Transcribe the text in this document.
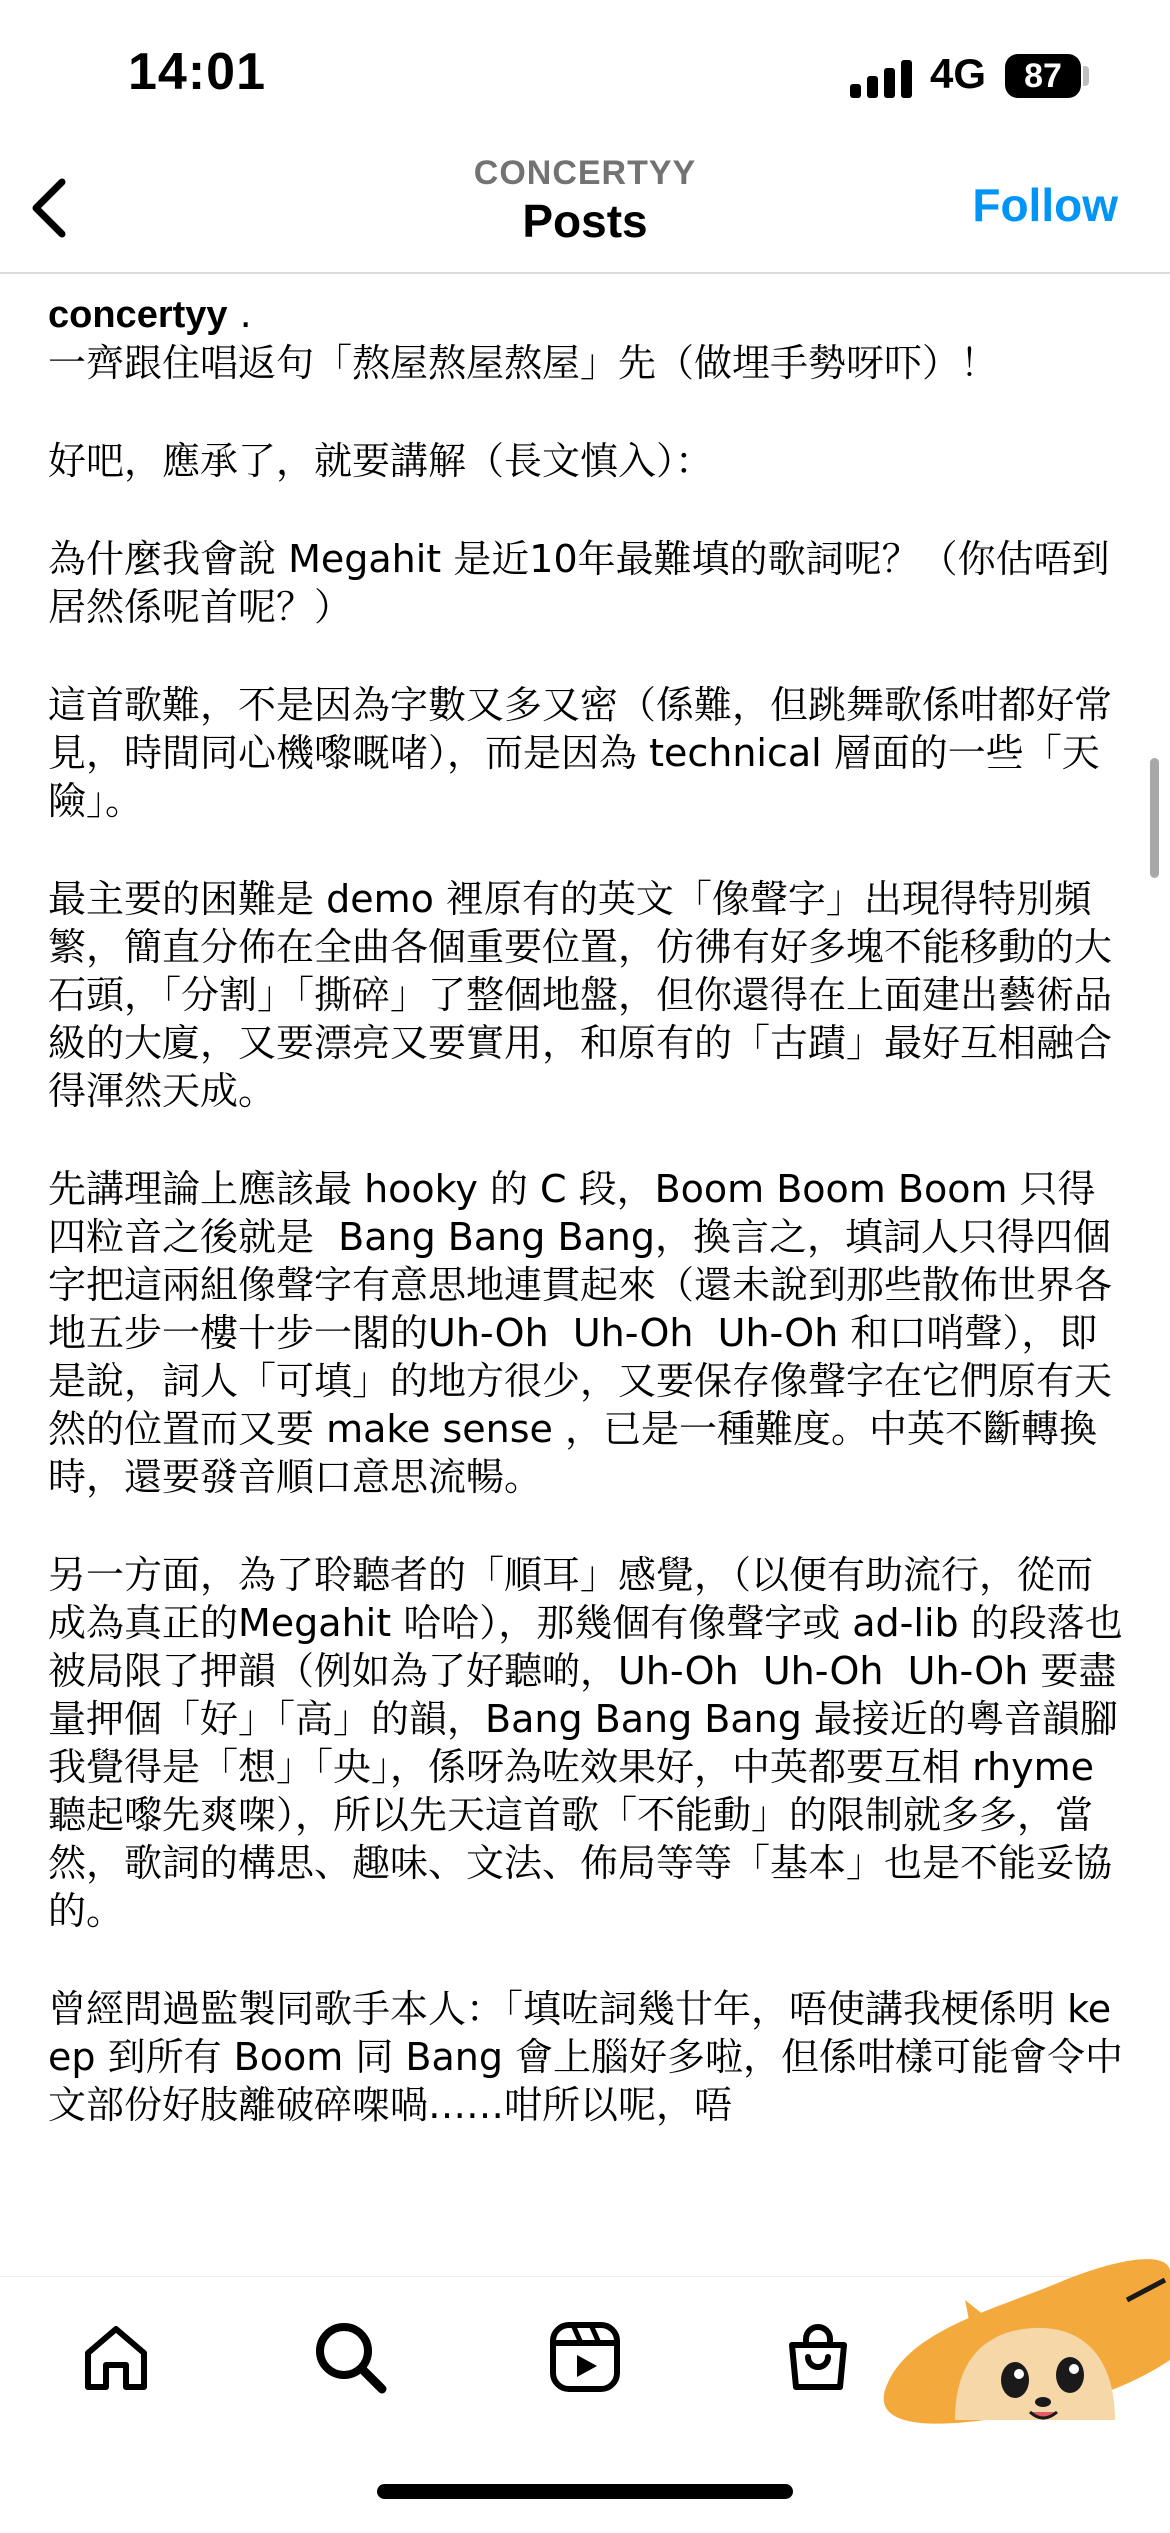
14:01	4G 87
CONCERTYY
Posts	Follow

concertyy .
一齊跟住唱返句「熬屋熬屋熬屋」先（做埋手勢呀吓）！

好吧，應承了，就要講解（長文慎入）：

為什麼我會說 Megahit 是近10年最難填的歌詞呢？（你估唔到居然係呢首呢？）

這首歌難，不是因為字數又多又密（係難，但跳舞歌係咁都好常見，時間同心機嚟嘅啫），而是因為 technical 層面的一些「天險」。

最主要的困難是 demo 裡原有的英文「像聲字」出現得特別頻繁，簡直分佈在全曲各個重要位置，仿彿有好多塊不能移動的大石頭，「分割」「撕碎」了整個地盤，但你還得在上面建出藝術品級的大廈，又要漂亮又要實用，和原有的「古蹟」最好互相融合得渾然天成。

先講理論上應該最 hooky 的 C 段，Boom Boom Boom 只得四粒音之後就是  Bang Bang Bang，換言之，填詞人只得四個字把這兩組像聲字有意思地連貫起來（還未說到那些散佈世界各地五步一樓十步一閣的Uh-Oh  Uh-Oh  Uh-Oh 和口哨聲），即是說，詞人「可填」的地方很少，又要保存像聲字在它們原有天然的位置而又要 make sense ，已是一種難度。中英不斷轉換時，還要發音順口意思流暢。

另一方面，為了聆聽者的「順耳」感覺，（以便有助流行，從而成為真正的Megahit 哈哈），那幾個有像聲字或 ad-lib 的段落也被局限了押韻（例如為了好聽啲，Uh-Oh  Uh-Oh  Uh-Oh 要盡量押個「好」「高」的韻，Bang Bang Bang 最接近的粵音韻腳我覺得是「想」「央」，係呀為咗效果好，中英都要互相 rhyme 聽起嚟先爽㗎），所以先天這首歌「不能動」的限制就多多，當然，歌詞的構思、趣味、文法、佈局等等「基本」也是不能妥協的。

曾經問過監製同歌手本人：「填咗詞幾廿年，唔使講我梗係明 keep 到所有 Boom 同 Bang 會上腦好多啦，但係咁樣可能會令中文部份好肢離破碎㗎喎……咁所以呢，唔
